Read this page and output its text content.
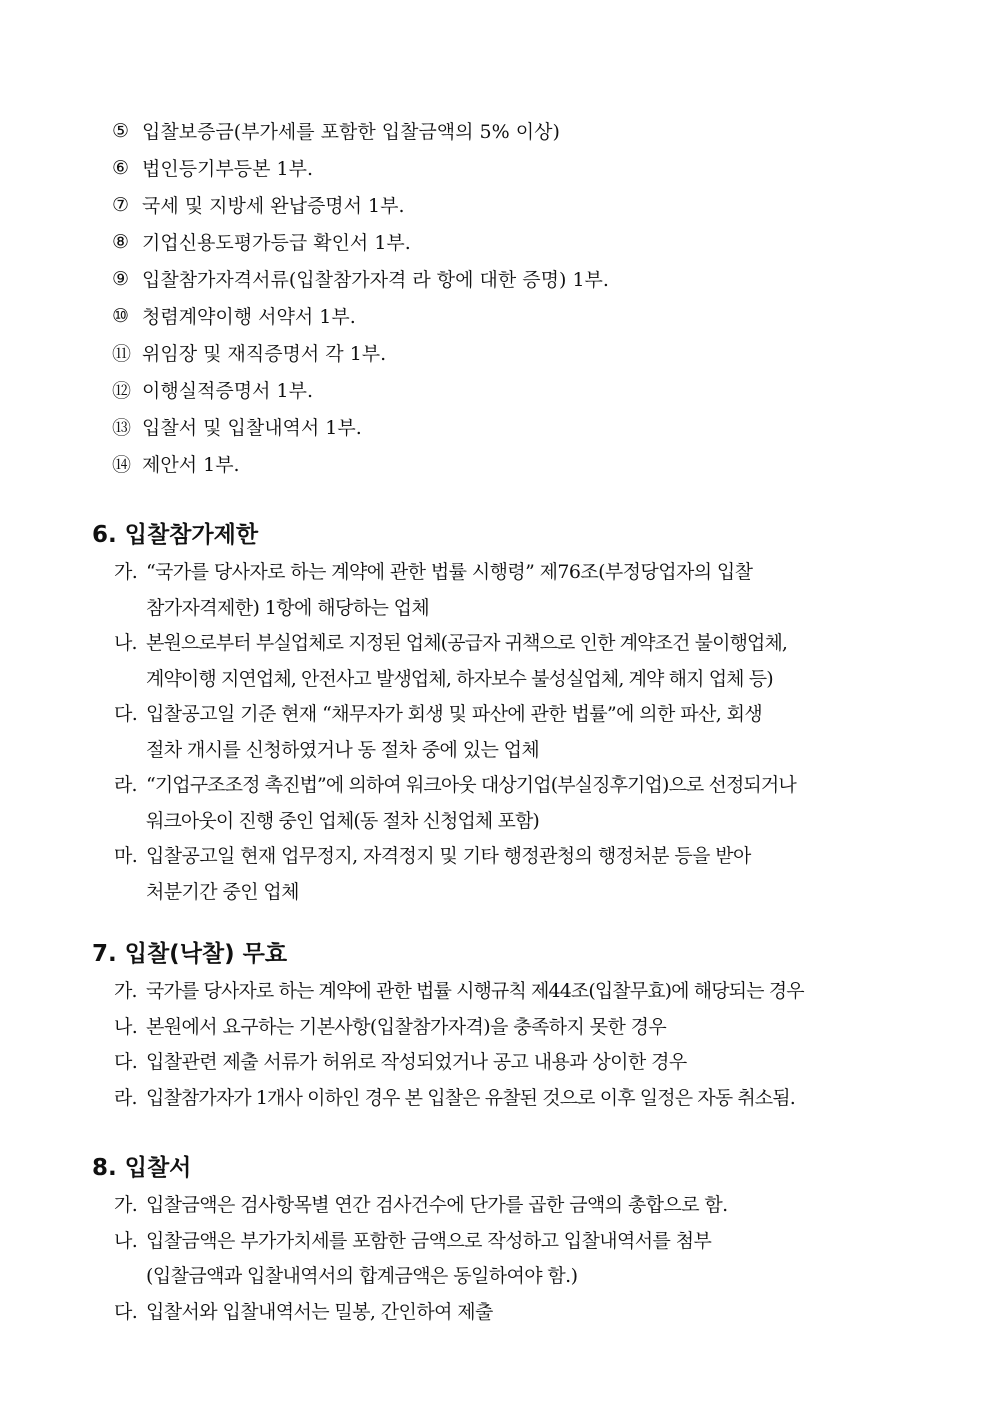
⑤ 입찰보증금(부가세를 포함한 입찰금액의 5% 이상)
⑥ 법인등기부등본 1부.
⑦ 국세 및 지방세 완납증명서 1부.
⑧ 기업신용도평가등급 확인서 1부.
⑨ 입찰참가자격서류(입찰참가자격 라 항에 대한 증명) 1부.
⑩ 청렴계약이행 서약서 1부.
⑪ 위임장 및 재직증명서 각 1부.
⑫ 이행실적증명서 1부.
⑬ 입찰서 및 입찰내역서 1부.
⑭ 제안서 1부.
6. 입찰참가제한
가. “국가를 당사자로 하는 계약에 관한 법률 시행령” 제76조(부정당업자의 입찰
참가자격제한) 1항에 해당하는 업체
나. 본원으로부터 부실업체로 지정된 업체(공급자 귀책으로 인한 계약조건 불이행업체,
계약이행 지연업체, 안전사고 발생업체, 하자보수 불성실업체, 계약 해지 업체 등)
다. 입찰공고일 기준 현재 “채무자가 회생 및 파산에 관한 법률”에 의한 파산, 회생
절차 개시를 신청하였거나 동 절차 중에 있는 업체
라. “기업구조조정 촉진법”에 의하여 워크아웃 대상기업(부실징후기업)으로 선정되거나
워크아웃이 진행 중인 업체(동 절차 신청업체 포함)
마. 입찰공고일 현재 업무정지, 자격정지 및 기타 행정관청의 행정처분 등을 받아
처분기간 중인 업체
7. 입찰(낙찰) 무효
가. 국가를 당사자로 하는 계약에 관한 법률 시행규칙 제44조(입찰무효)에 해당되는 경우
나. 본원에서 요구하는 기본사항(입찰참가자격)을 충족하지 못한 경우
다. 입찰관련 제출 서류가 허위로 작성되었거나 공고 내용과 상이한 경우
라. 입찰참가자가 1개사 이하인 경우 본 입찰은 유찰된 것으로 이후 일정은 자동 취소됨.
8. 입찰서
가. 입찰금액은 검사항목별 연간 검사건수에 단가를 곱한 금액의 총합으로 함.
나. 입찰금액은 부가가치세를 포함한 금액으로 작성하고 입찰내역서를 첨부
(입찰금액과 입찰내역서의 합계금액은 동일하여야 함.)
다. 입찰서와 입찰내역서는 밀봉, 간인하여 제출
